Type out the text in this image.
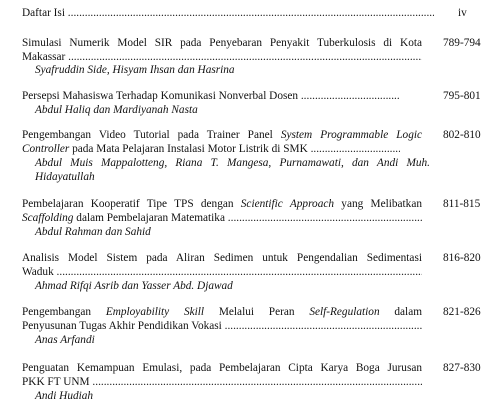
Daftar Isi .....	iv
Simulasi Numerik Model SIR pada Penyebaran Penyakit Tuberkulosis di Kota
Makassar .....
Syafruddin Side, Hisyam Ihsan dan Hasrina
789-794
Persepsi Mahasiswa Terhadap Komunikasi Nonverbal Dosen .....
Abdul Haliq dan Mardiyanah Nasta
795-801
Pengembangan Video Tutorial pada Trainer Panel System Programmable Logic
Controller pada Mata Pelajaran Instalasi Motor Listrik di SMK .....
Abdul Muis Mappalotteng, Riana T. Mangesa, Purnamawati, dan Andi Muh.
Hidayatullah
802-810
Pembelajaran Kooperatif Tipe TPS dengan Scientific Approach yang Melibatkan
Scaffolding dalam Pembelajaran Matematika .....
Abdul Rahman dan Sahid
811-815
Analisis Model Sistem pada Aliran Sedimen untuk Pengendalian Sedimentasi
Waduk .....
Ahmad Rifqi Asrib dan Yasser Abd. Djawad
816-820
Pengembangan Employability Skill Melalui Peran Self-Regulation dalam
Penyusunan Tugas Akhir Pendidikan Vokasi .....
Anas Arfandi
821-826
Penguatan Kemampuan Emulasi, pada Pembelajaran Cipta Karya Boga Jurusan
PKK FT UNM .....
Andi Hudiah
827-830
